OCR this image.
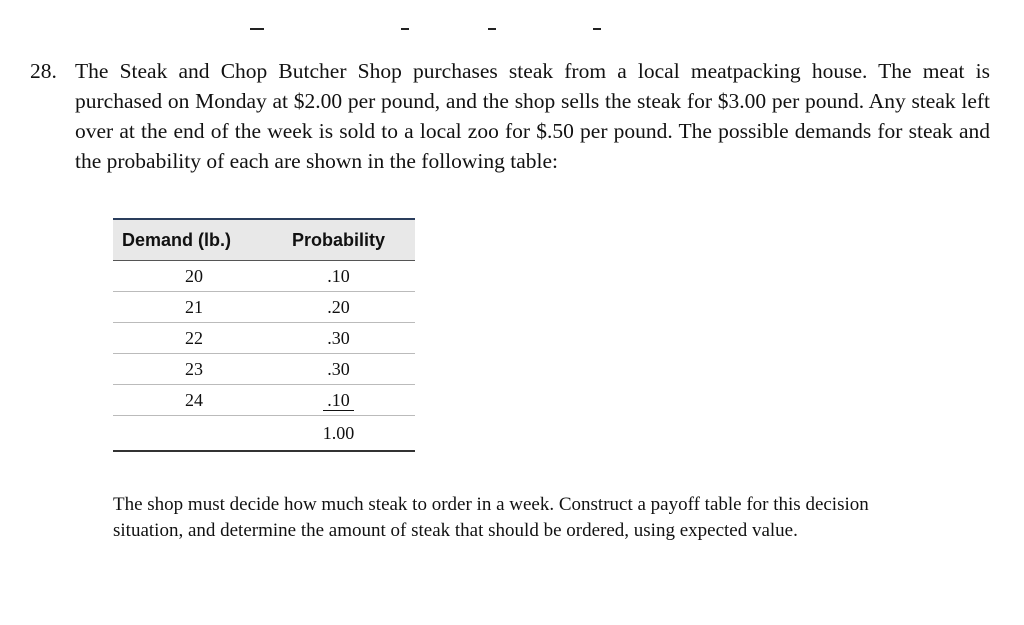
28. The Steak and Chop Butcher Shop purchases steak from a local meatpacking house. The meat is purchased on Monday at $2.00 per pound, and the shop sells the steak for $3.00 per pound. Any steak left over at the end of the week is sold to a local zoo for $.50 per pound. The possible demands for steak and the probability of each are shown in the following table:
Demand (lb.)	Probability
20	.10
21	.20
22	.30
23	.30
24	.10
	1.00
The shop must decide how much steak to order in a week. Construct a payoff table for this decision situation, and determine the amount of steak that should be ordered, using expected value.
